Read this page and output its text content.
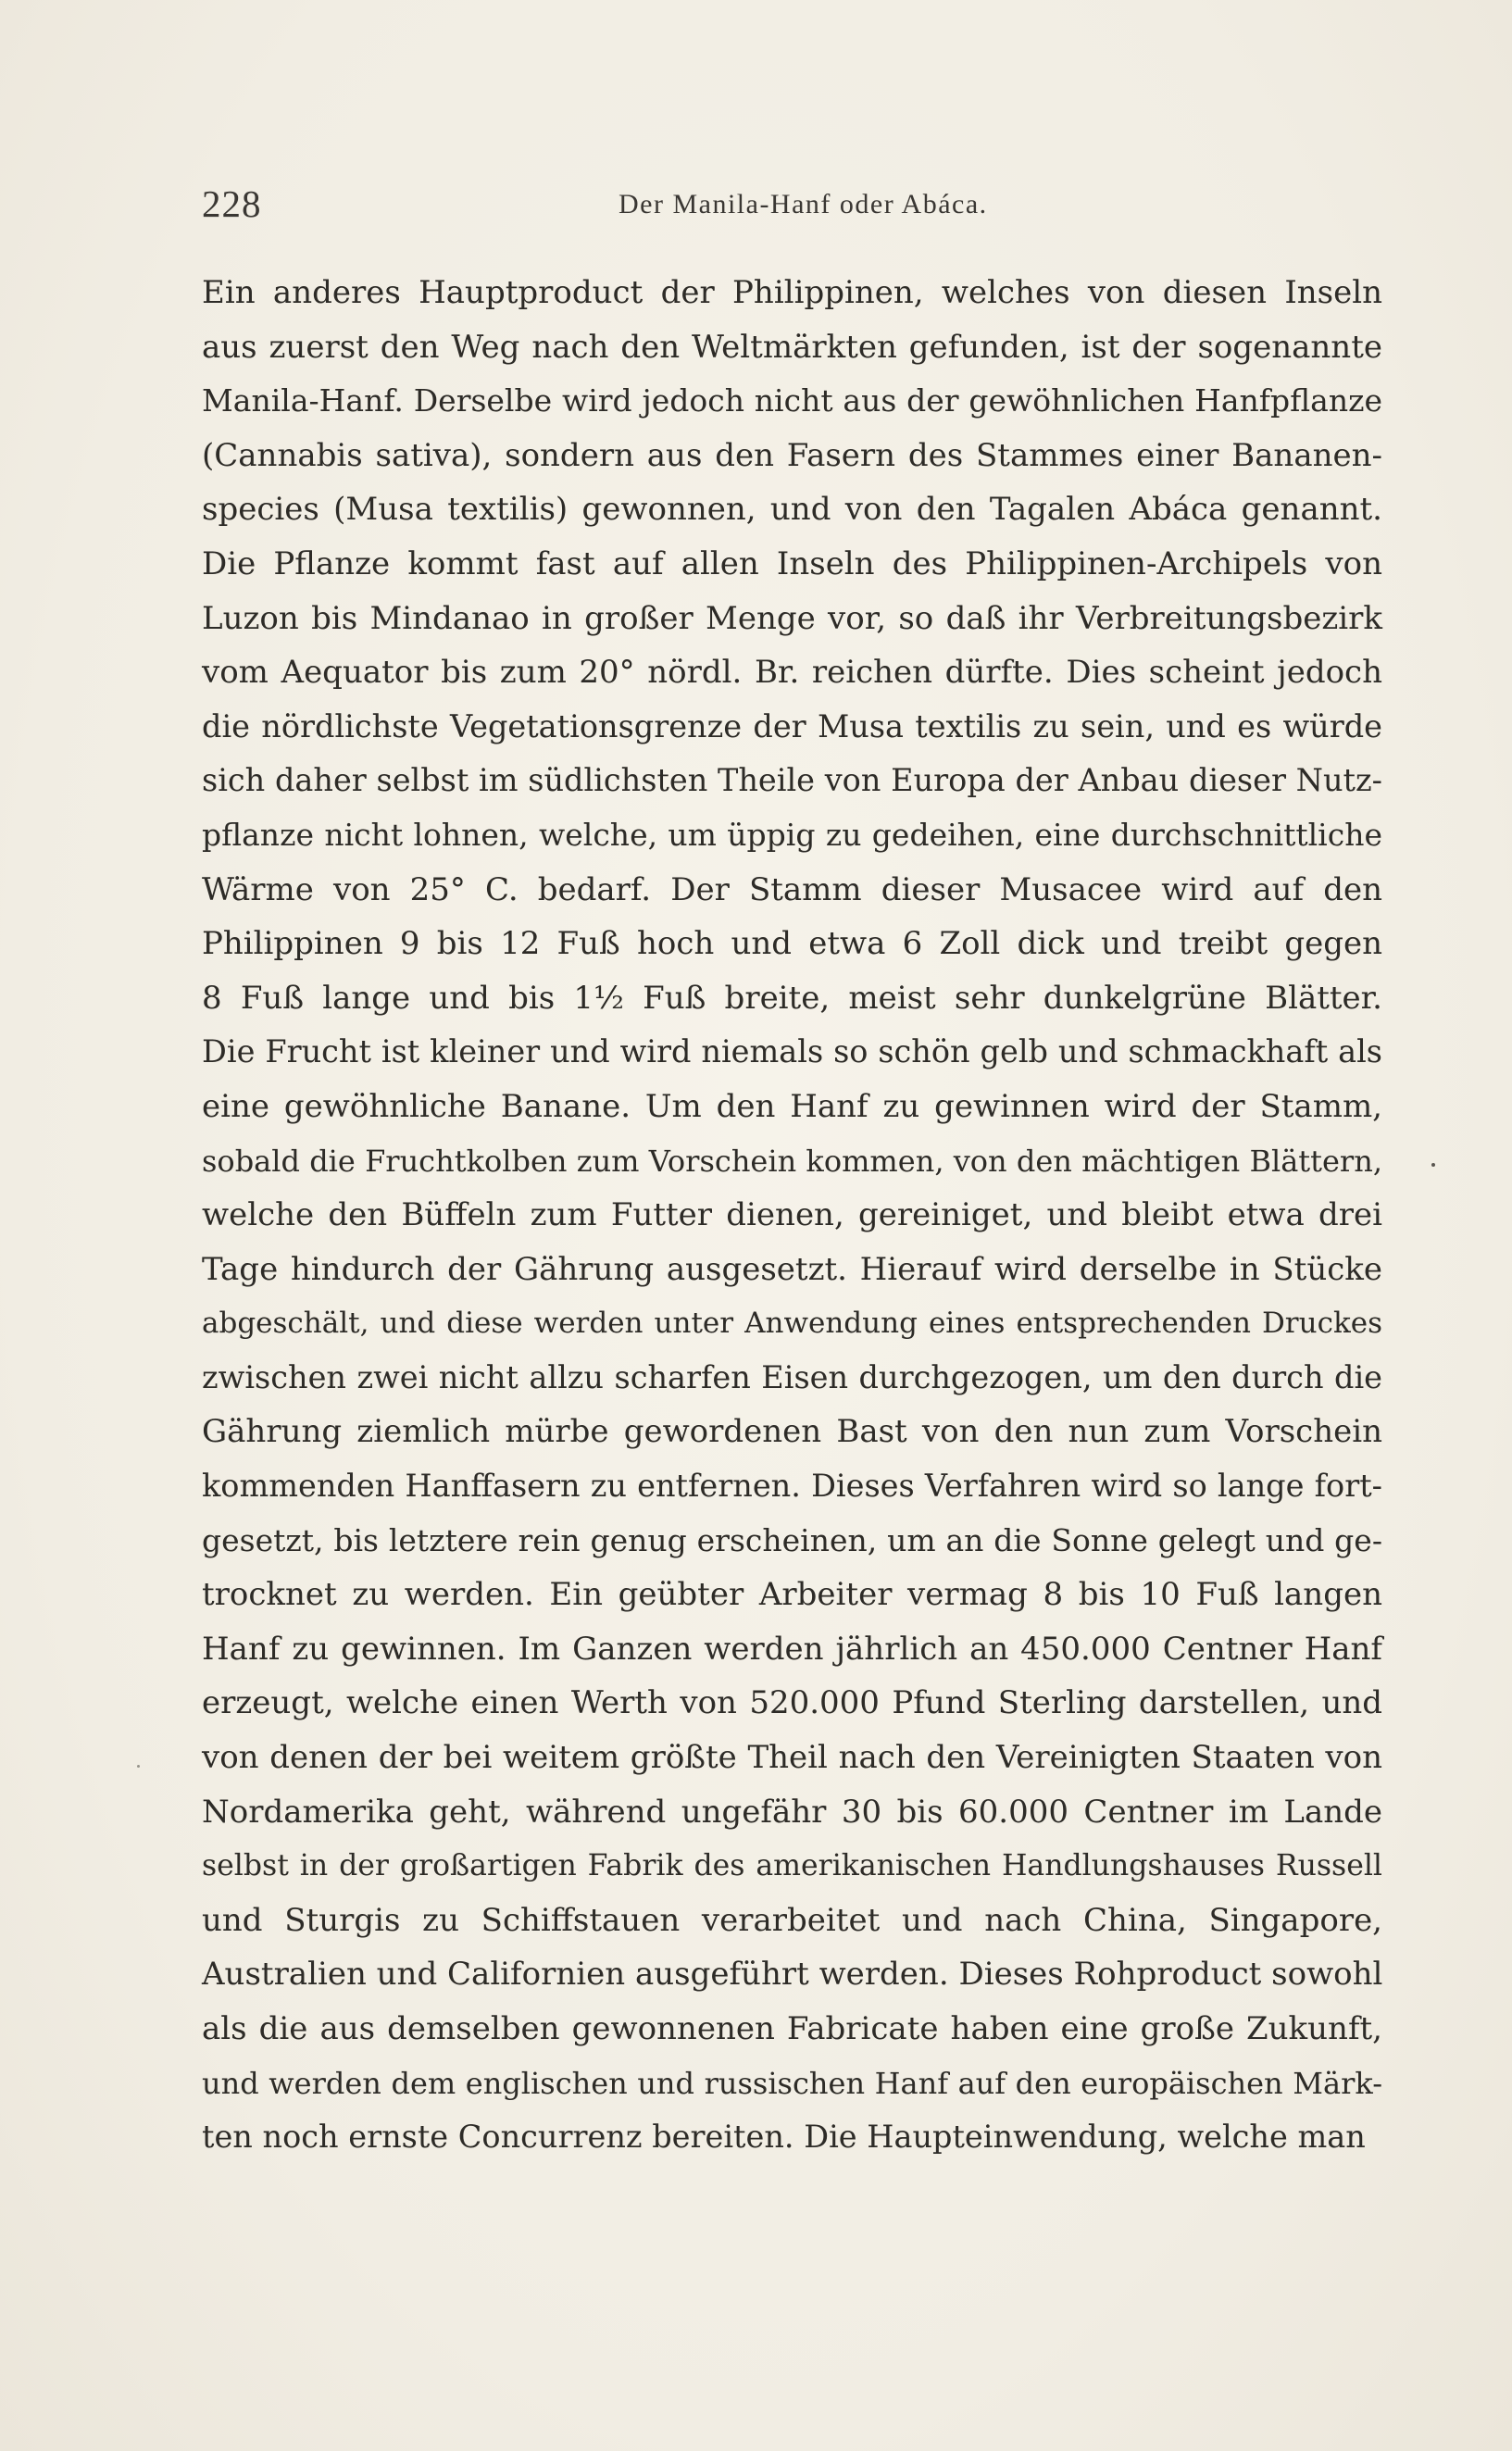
228	Der Manila-Hanf oder Abáca.
Ein anderes Hauptproduct der Philippinen, welches von diesen Inseln
aus zuerst den Weg nach den Weltmärkten gefunden, ist der sogenannte
Manila-Hanf. Derselbe wird jedoch nicht aus der gewöhnlichen Hanfpflanze
(Cannabis sativa), sondern aus den Fasern des Stammes einer Bananen-
species (Musa textilis) gewonnen, und von den Tagalen Abáca genannt.
Die Pflanze kommt fast auf allen Inseln des Philippinen-Archipels von
Luzon bis Mindanao in großer Menge vor, so daß ihr Verbreitungsbezirk
vom Aequator bis zum 20° nördl. Br. reichen dürfte. Dies scheint jedoch
die nördlichste Vegetationsgrenze der Musa textilis zu sein, und es würde
sich daher selbst im südlichsten Theile von Europa der Anbau dieser Nutz-
pflanze nicht lohnen, welche, um üppig zu gedeihen, eine durchschnittliche
Wärme von 25° C. bedarf. Der Stamm dieser Musacee wird auf den
Philippinen 9 bis 12 Fuß hoch und etwa 6 Zoll dick und treibt gegen
8 Fuß lange und bis 1½ Fuß breite, meist sehr dunkelgrüne Blätter.
Die Frucht ist kleiner und wird niemals so schön gelb und schmackhaft als
eine gewöhnliche Banane. Um den Hanf zu gewinnen wird der Stamm,
sobald die Fruchtkolben zum Vorschein kommen, von den mächtigen Blättern,
welche den Büffeln zum Futter dienen, gereiniget, und bleibt etwa drei
Tage hindurch der Gährung ausgesetzt. Hierauf wird derselbe in Stücke
abgeschält, und diese werden unter Anwendung eines entsprechenden Druckes
zwischen zwei nicht allzu scharfen Eisen durchgezogen, um den durch die
Gährung ziemlich mürbe gewordenen Bast von den nun zum Vorschein
kommenden Hanffasern zu entfernen. Dieses Verfahren wird so lange fort-
gesetzt, bis letztere rein genug erscheinen, um an die Sonne gelegt und ge-
trocknet zu werden. Ein geübter Arbeiter vermag 8 bis 10 Fuß langen
Hanf zu gewinnen. Im Ganzen werden jährlich an 450.000 Centner Hanf
erzeugt, welche einen Werth von 520.000 Pfund Sterling darstellen, und
von denen der bei weitem größte Theil nach den Vereinigten Staaten von
Nordamerika geht, während ungefähr 30 bis 60.000 Centner im Lande
selbst in der großartigen Fabrik des amerikanischen Handlungshauses Russell
und Sturgis zu Schiffstauen verarbeitet und nach China, Singapore,
Australien und Californien ausgeführt werden. Dieses Rohproduct sowohl
als die aus demselben gewonnenen Fabricate haben eine große Zukunft,
und werden dem englischen und russischen Hanf auf den europäischen Märk-
ten noch ernste Concurrenz bereiten. Die Haupteinwendung, welche man
